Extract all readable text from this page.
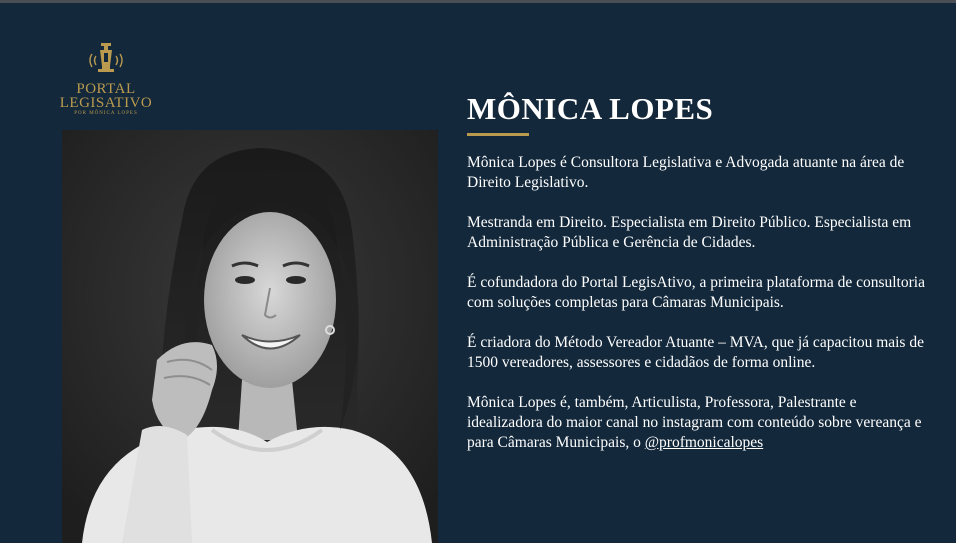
PORTAL
LEGISATIVO
POR MÔNICA LOPES	MÔNICA LOPES

Mônica Lopes é Consultora Legislativa e Advogada atuante na área de Direito Legislativo.

Mestranda em Direito. Especialista em Direito Público. Especialista em Administração Pública e Gerência de Cidades.

É cofundadora do Portal LegisAtivo, a primeira plataforma de consultoria com soluções completas para Câmaras Municipais.

É criadora do Método Vereador Atuante – MVA, que já capacitou mais de 1500 vereadores, assessores e cidadãos de forma online.

Mônica Lopes é, também, Articulista, Professora, Palestrante e idealizadora do maior canal no instagram com conteúdo sobre vereança e para Câmaras Municipais, o @profmonicalopes
